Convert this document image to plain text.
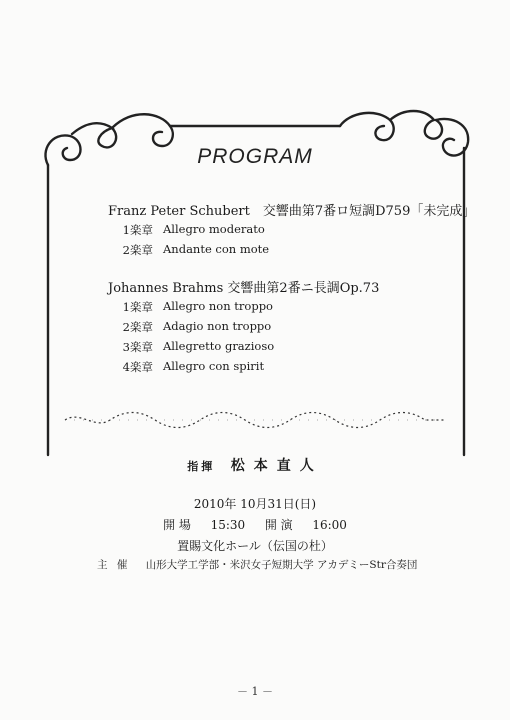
PROGRAM
Franz Peter Schubert　交響曲第7番ロ短調D759「未完成」
1楽章 Allegro moderato
2楽章 Andante con mote
Johannes Brahms 交響曲第2番ニ長調Op.73
1楽章 Allegro non troppo
2楽章 Adagio non troppo
3楽章 Allegretto grazioso
4楽章 Allegro con spirit
指揮 松本直人
2010年 10月31日(日)
開 場 15:30 開 演 16:00
置賜文化ホール（伝国の杜）
主 催 山形大学工学部・米沢女子短期大学 アカデミーStr合奏団
－ 1 －
